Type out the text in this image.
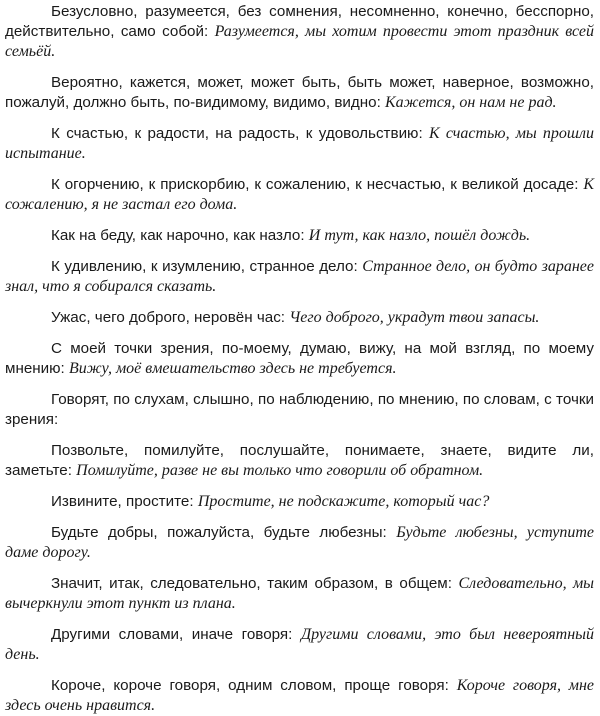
Безусловно, разумеется, без сомнения, несомненно, конечно, бесспорно, действительно, само собой: Разумеется, мы хотим провести этот праздник всей семьёй.

Вероятно, кажется, может, может быть, быть может, наверное, возможно, пожалуй, должно быть, по-видимому, видимо, видно: Кажется, он нам не рад.

К счастью, к радости, на радость, к удовольствию: К счастью, мы прошли испытание.

К огорчению, к прискорбию, к сожалению, к несчастью, к великой досаде: К сожалению, я не застал его дома.

Как на беду, как нарочно, как назло: И тут, как назло, пошёл дождь.

К удивлению, к изумлению, странное дело: Странное дело, он будто заранее знал, что я собирался сказать.

Ужас, чего доброго, неровён час: Чего доброго, украдут твои запасы.

С моей точки зрения, по-моему, думаю, вижу, на мой взгляд, по моему мнению: Вижу, моё вмешательство здесь не требуется.

Говорят, по слухам, слышно, по наблюдению, по мнению, по словам, с точки зрения:

Позвольте, помилуйте, послушайте, понимаете, знаете, видите ли, заметьте: Помилуйте, разве не вы только что говорили об обратном.

Извините, простите: Простите, не подскажите, который час?

Будьте добры, пожалуйста, будьте любезны: Будьте любезны, уступите даме дорогу.

Значит, итак, следовательно, таким образом, в общем: Следовательно, мы вычеркнули этот пункт из плана.

Другими словами, иначе говоря: Другими словами, это был невероятный день.

Короче, короче говоря, одним словом, проще говоря: Короче говоря, мне здесь очень нравится.
